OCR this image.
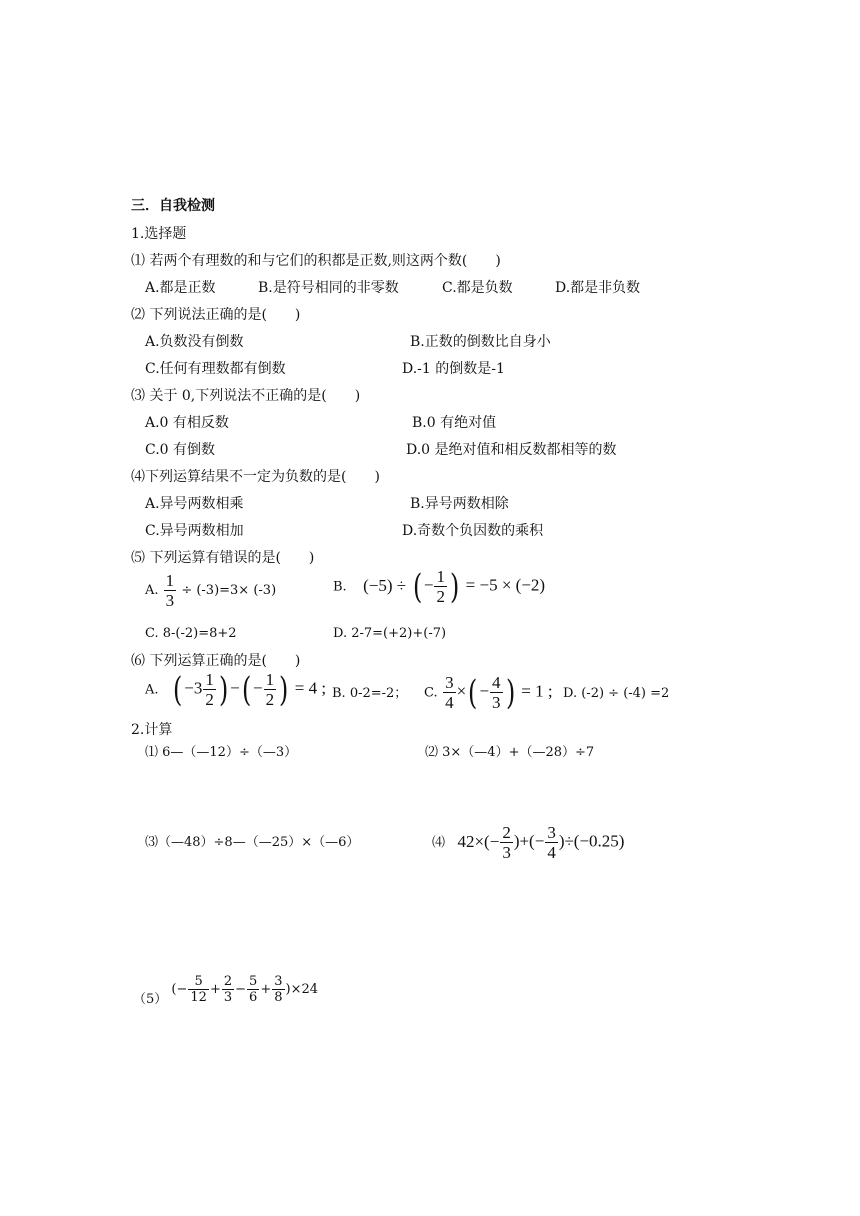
三．自我检测
1.选择题
⑴ 若两个有理数的和与它们的积都是正数,则这两个数(　　)
A.都是正数	B.是符号相同的非零数	C.都是负数	D.都是非负数
⑵ 下列说法正确的是(　　)
A.负数没有倒数	B.正数的倒数比自身小
C.任何有理数都有倒数	D.-1 的倒数是-1
⑶ 关于 0,下列说法不正确的是(　　)
A.0 有相反数	B.0 有绝对值
C.0 有倒数	D.0 是绝对值和相反数都相等的数
⑷下列运算结果不一定为负数的是(　　)
A.异号两数相乘	B.异号两数相除
C.异号两数相加	D.奇数个负因数的乘积
⑸ 下列运算有错误的是(　　)
A. $\frac{1}{3} \div (-3)=3\times (-3)$	B. (−5) ÷ ( − $\frac{1}{2}$ ) = −5 × (−2)
C. 8-(-2)=8+2	D. 2-7=(+2)+(-7)
⑹ 下列运算正确的是(　　)
A. ( $-3 \frac{1}{2}$ ) −( − $\frac{1}{2}$ ) = 4 ; B. 0-2=-2； C. $\frac{3}{4}$ ×( − $\frac{4}{3}$ ) = 1 ; D. (-2) ÷ (-4) =2
2.计算
⑴ 6—（—12）÷（—3）	⑵ 3×（—4）+（—28）÷7
⑶（—48）÷8—（—25）×（—6）	⑷ $42\times(- \frac{2}{3}$ )+(− $\frac{3}{4} )\div(-0.25)$
（5） (− $\frac{5}{12} + \frac{2}{3} - \frac{5}{6} + \frac{3}{8} )\times 24$
